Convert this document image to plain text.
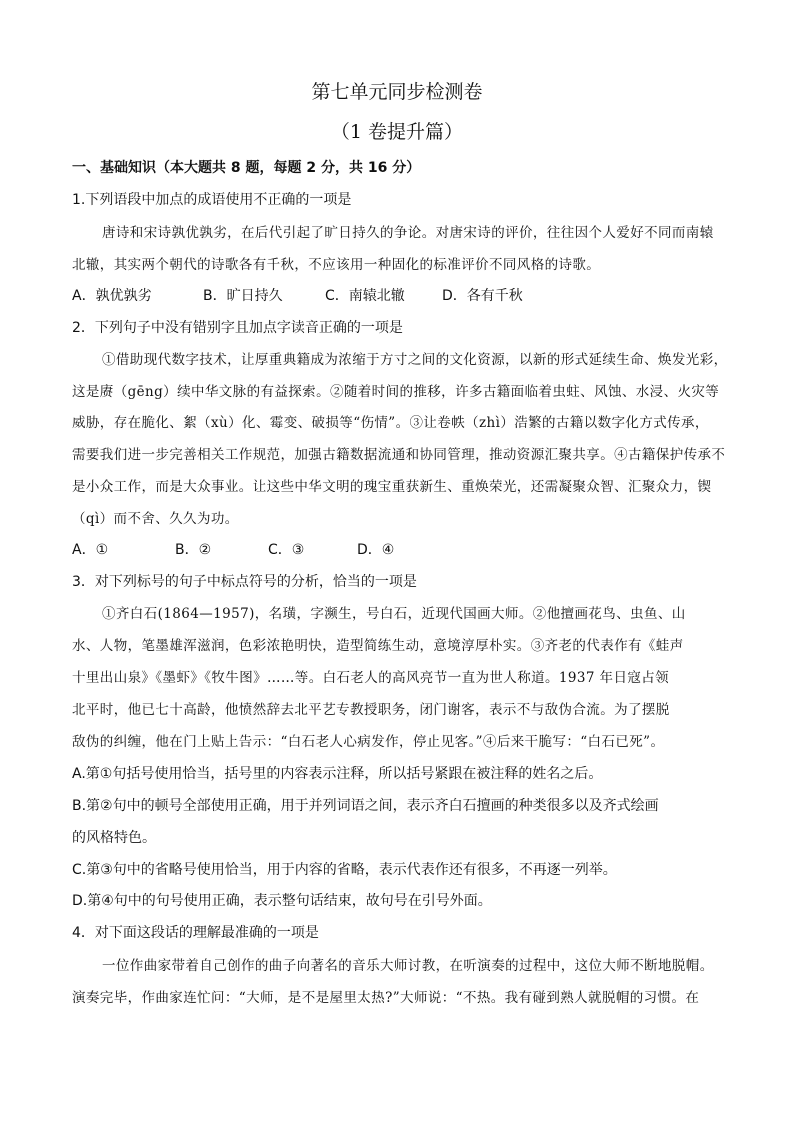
第七单元同步检测卷
（1 卷提升篇）
一、基础知识（本大题共 8 题，每题 2 分，共 16 分）
1.下列语段中加点的成语使用不正确的一项是
唐诗和宋诗孰优孰劣，在后代引起了旷日持久的争论。对唐宋诗的评价，往往因个人爱好不同而南辕
北辙，其实两个朝代的诗歌各有千秋，不应该用一种固化的标准评价不同风格的诗歌。
A．孰优孰劣	B．旷日持久	C．南辕北辙	D．各有千秋
2．下列句子中没有错别字且加点字读音正确的一项是
①借助现代数字技术，让厚重典籍成为浓缩于方寸之间的文化资源，以新的形式延续生命、焕发光彩，
这是赓（gēng）续中华文脉的有益探索。②随着时间的推移，许多古籍面临着虫蛀、风蚀、水浸、火灾等
威胁，存在脆化、絮（xù）化、霉变、破损等“伤情”。③让卷帙（zhì）浩繁的古籍以数字化方式传承，
需要我们进一步完善相关工作规范，加强古籍数据流通和协同管理，推动资源汇聚共享。④古籍保护传承不
是小众工作，而是大众事业。让这些中华文明的瑰宝重获新生、重焕荣光，还需凝聚众智、汇聚众力，锲
（qì）而不舍、久久为功。
A．①	B．②	C．③	D．④
3．对下列标号的句子中标点符号的分析，恰当的一项是
①齐白石(1864—1957)，名璜，字濒生，号白石，近现代国画大师。②他擅画花鸟、虫鱼、山
水、人物，笔墨雄浑滋润，色彩浓艳明快，造型简练生动，意境淳厚朴实。③齐老的代表作有《蛙声
十里出山泉》《墨虾》《牧牛图》……等。白石老人的高风亮节一直为世人称道。1937 年日寇占领
北平时，他已七十高龄，他愤然辞去北平艺专教授职务，闭门谢客，表示不与敌伪合流。为了摆脱
敌伪的纠缠，他在门上贴上告示：“白石老人心病发作，停止见客。”④后来干脆写：“白石已死”。
A.第①句括号使用恰当，括号里的内容表示注释，所以括号紧跟在被注释的姓名之后。
B.第②句中的顿号全部使用正确，用于并列词语之间，表示齐白石擅画的种类很多以及齐式绘画
的风格特色。
C.第③句中的省略号使用恰当，用于内容的省略，表示代表作还有很多，不再逐一列举。
D.第④句中的句号使用正确，表示整句话结束，故句号在引号外面。
4．对下面这段话的理解最准确的一项是
一位作曲家带着自己创作的曲子向著名的音乐大师讨教，在听演奏的过程中，这位大师不断地脱帽。
演奏完毕，作曲家连忙问：“大师，是不是屋里太热?”大师说：“不热。我有碰到熟人就脱帽的习惯。在
